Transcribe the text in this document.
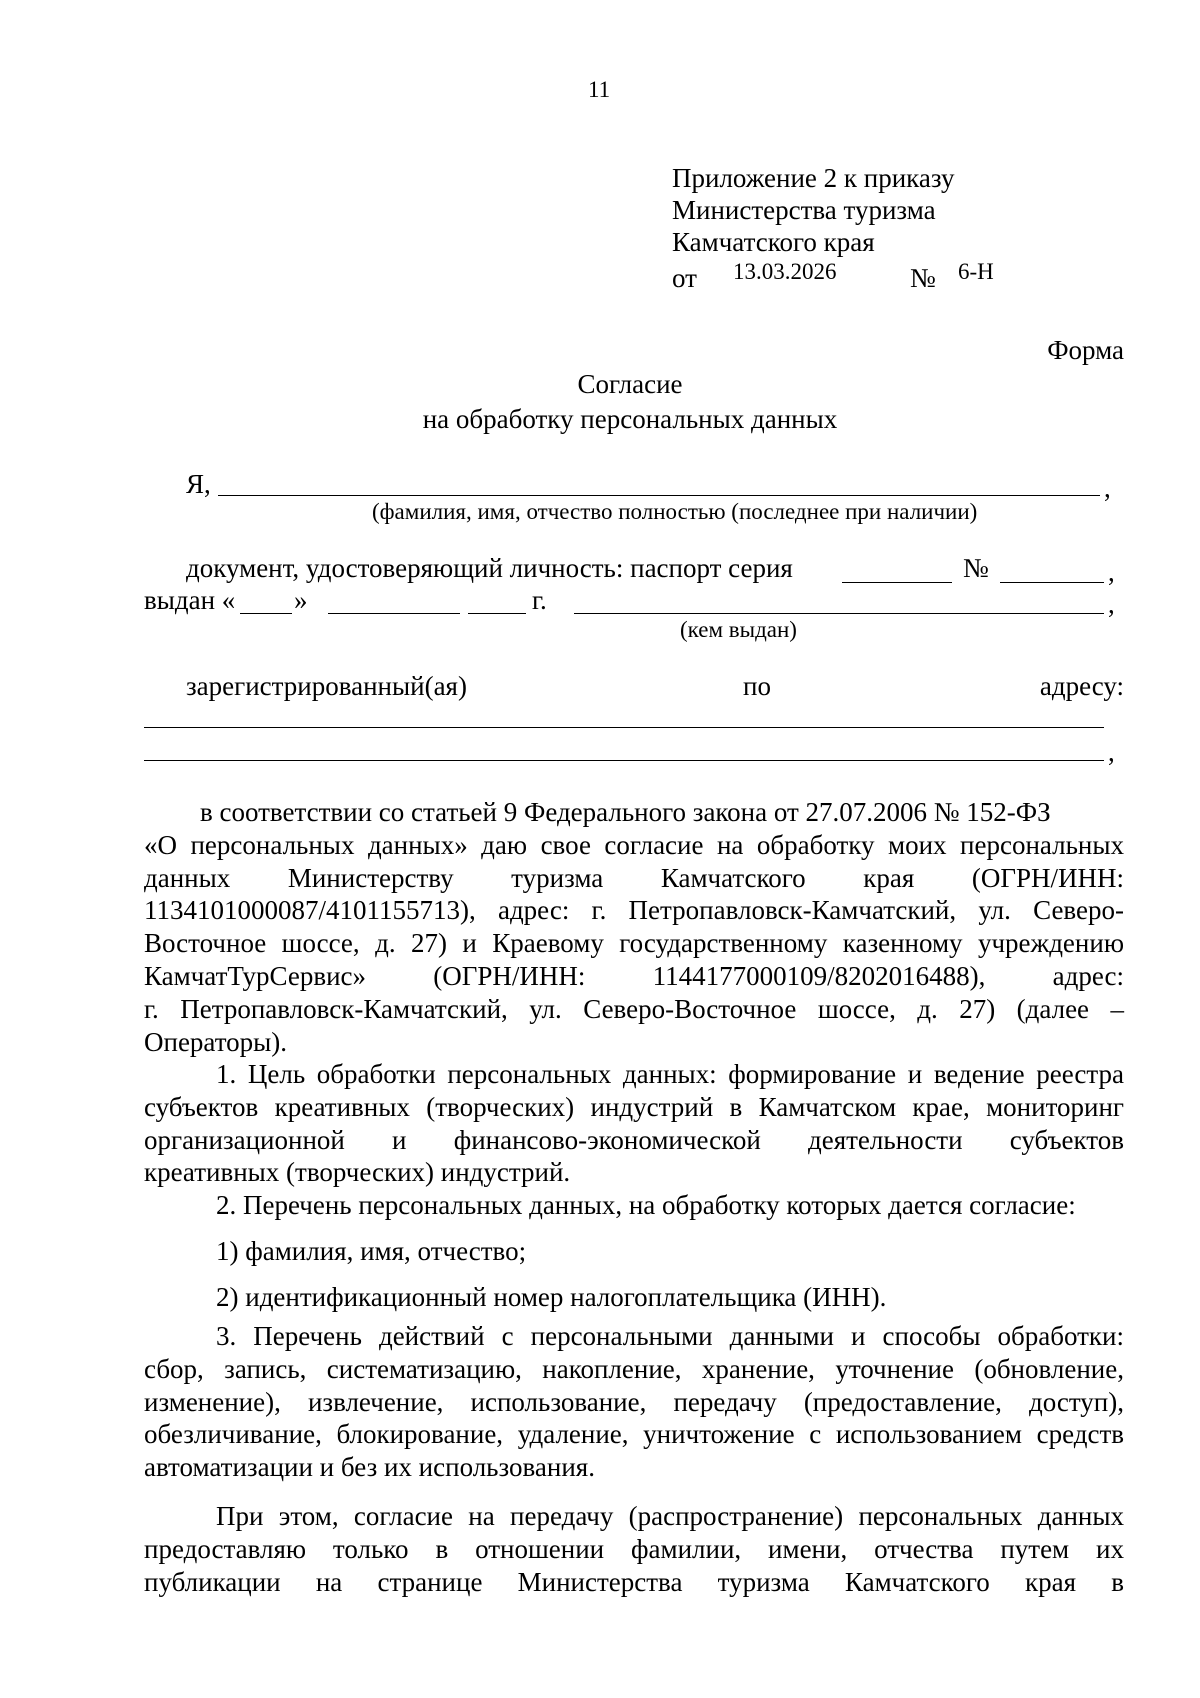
11
Приложение 2 к приказу
Министерства туризма
Камчатского края
от 13.03.2026	№ 6-Н
Форма
Согласие
на обработку персональных данных
Я,	,
(фамилия, имя, отчество полностью (последнее при наличии)
документ, удостоверяющий личность: паспорт серия	№	,
выдан « »	г.	,
(кем выдан)
зарегистрированный(ая)	по	адресу:
,
в соответствии со статьей 9 Федерального закона от 27.07.2006 № 152-ФЗ
«О персональных данных» даю свое согласие на обработку моих персональных
данных Министерству туризма Камчатского края (ОГРН/ИНН:
1134101000087/4101155713), адрес: г. Петропавловск-Камчатский, ул. Северо-
Восточное шоссе, д. 27) и Краевому государственному казенному учреждению
КамчатТурСервис» (ОГРН/ИНН: 1144177000109/8202016488), адрес:
г. Петропавловск-Камчатский, ул. Северо-Восточное шоссе, д. 27) (далее –
Операторы).
1. Цель обработки персональных данных: формирование и ведение реестра
субъектов креативных (творческих) индустрий в Камчатском крае, мониторинг
организационной и финансово-экономической деятельности субъектов
креативных (творческих) индустрий.
2. Перечень персональных данных, на обработку которых дается согласие:
1) фамилия, имя, отчество;
2) идентификационный номер налогоплательщика (ИНН).
3. Перечень действий с персональными данными и способы обработки:
сбор, запись, систематизацию, накопление, хранение, уточнение (обновление,
изменение), извлечение, использование, передачу (предоставление, доступ),
обезличивание, блокирование, удаление, уничтожение с использованием средств
автоматизации и без их использования.
При этом, согласие на передачу (распространение) персональных данных
предоставляю только в отношении фамилии, имени, отчества путем их
публикации на странице Министерства туризма Камчатского края в
